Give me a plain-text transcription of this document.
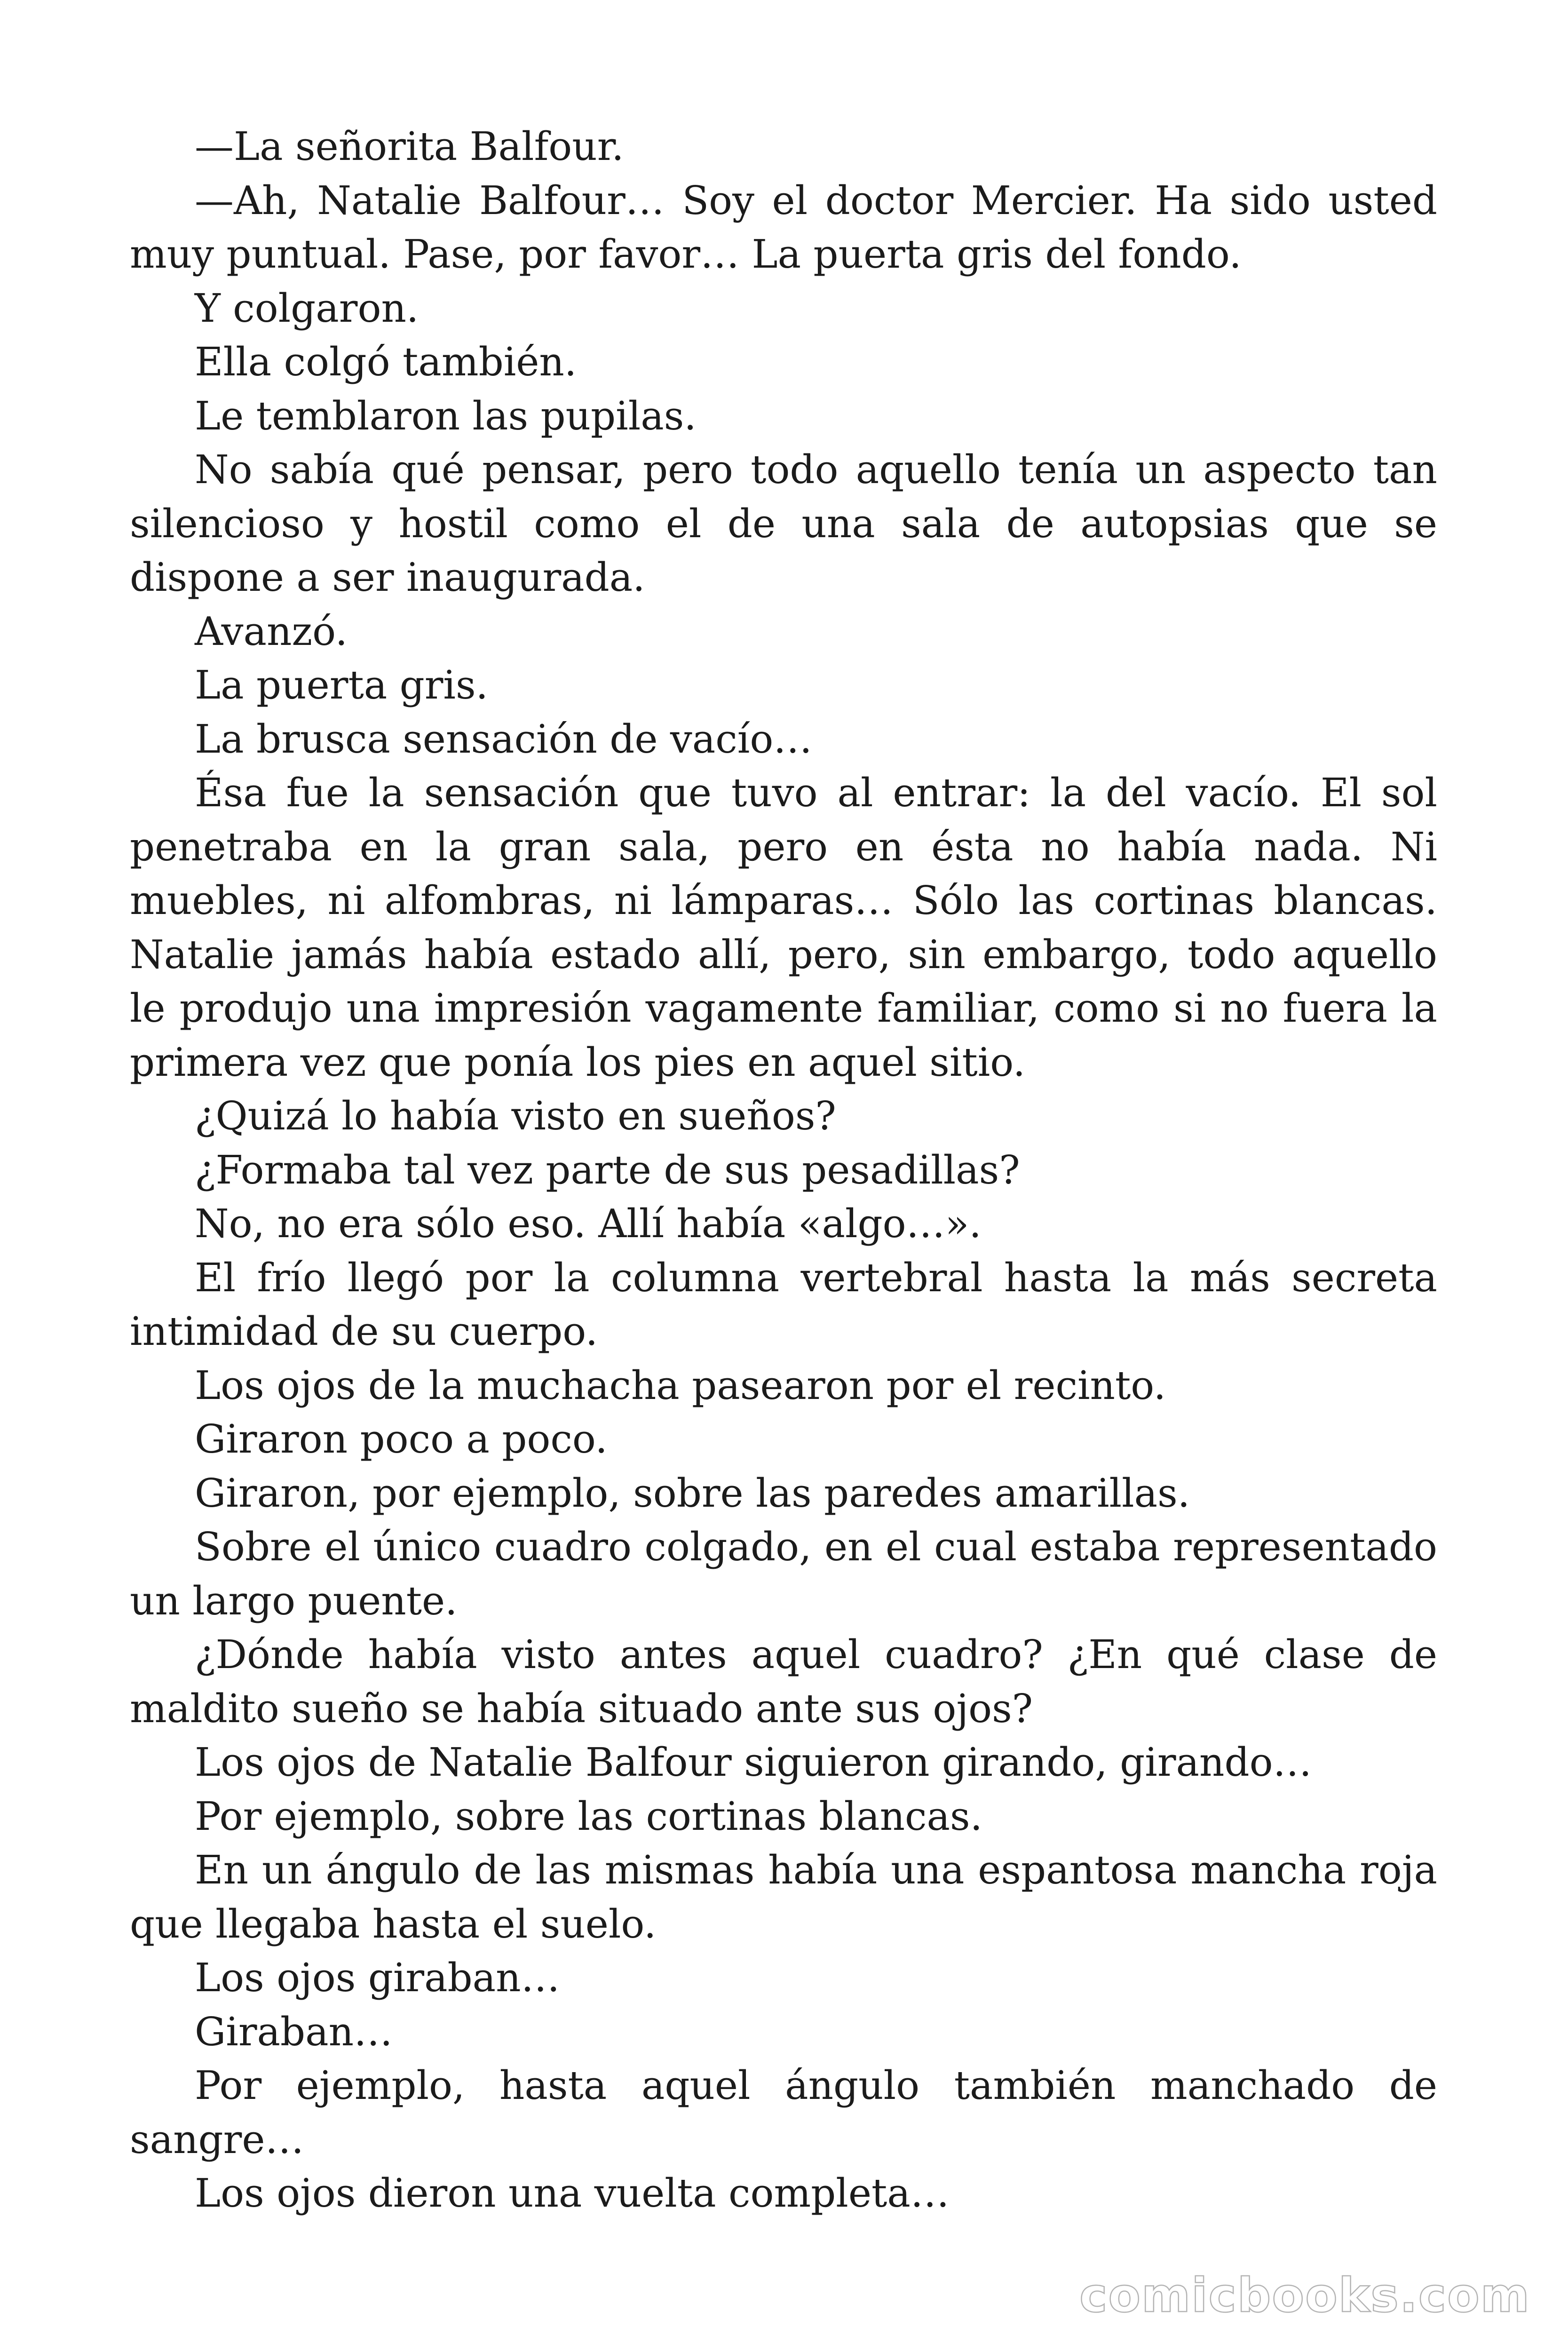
—La señorita Balfour.

—Ah, Natalie Balfour… Soy el doctor Mercier. Ha sido usted muy puntual. Pase, por favor… La puerta gris del fondo.

Y colgaron.

Ella colgó también.

Le temblaron las pupilas.

No sabía qué pensar, pero todo aquello tenía un aspecto tan silencioso y hostil como el de una sala de autopsias que se dispone a ser inaugurada.

Avanzó.

La puerta gris.

La brusca sensación de vacío…

Ésa fue la sensación que tuvo al entrar: la del vacío. El sol penetraba en la gran sala, pero en ésta no había nada. Ni muebles, ni alfombras, ni lámparas… Sólo las cortinas blancas. Natalie jamás había estado allí, pero, sin embargo, todo aquello le produjo una impresión vagamente familiar, como si no fuera la primera vez que ponía los pies en aquel sitio.

¿Quizá lo había visto en sueños?

¿Formaba tal vez parte de sus pesadillas?

No, no era sólo eso. Allí había «algo…».

El frío llegó por la columna vertebral hasta la más secreta intimidad de su cuerpo.

Los ojos de la muchacha pasearon por el recinto.

Giraron poco a poco.

Giraron, por ejemplo, sobre las paredes amarillas.

Sobre el único cuadro colgado, en el cual estaba representado un largo puente.

¿Dónde había visto antes aquel cuadro? ¿En qué clase de maldito sueño se había situado ante sus ojos?

Los ojos de Natalie Balfour siguieron girando, girando…

Por ejemplo, sobre las cortinas blancas.

En un ángulo de las mismas había una espantosa mancha roja que llegaba hasta el suelo.

Los ojos giraban…

Giraban…

Por ejemplo, hasta aquel ángulo también manchado de sangre…

Los ojos dieron una vuelta completa…

comicbooks.com
